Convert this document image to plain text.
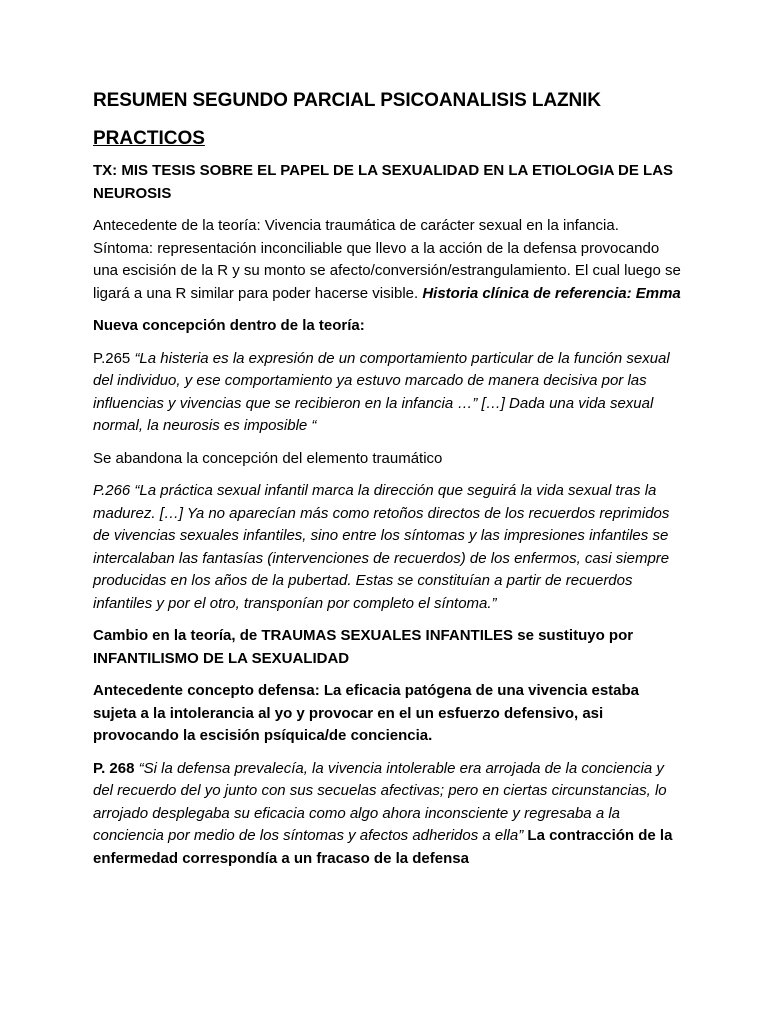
RESUMEN SEGUNDO PARCIAL PSICOANALISIS LAZNIK
PRACTICOS

TX: MIS TESIS SOBRE EL PAPEL DE LA SEXUALIDAD EN LA ETIOLOGIA DE LAS NEUROSIS

Antecedente de la teoría: Vivencia traumática de carácter sexual en la infancia. Síntoma: representación inconciliable que llevo a la acción de la defensa provocando una escisión de la R y su monto se afecto/conversión/estrangulamiento. El cual luego se ligará a una R similar para poder hacerse visible. Historia clínica de referencia: Emma

Nueva concepción dentro de la teoría:

P.265 “La histeria es la expresión de un comportamiento particular de la función sexual del individuo, y ese comportamiento ya estuvo marcado de manera decisiva por las influencias y vivencias que se recibieron en la infancia …” […] Dada una vida sexual normal, la neurosis es imposible “

Se abandona la concepción del elemento traumático

P.266 “La práctica sexual infantil marca la dirección que seguirá la vida sexual tras la madurez. […] Ya no aparecían más como retoños directos de los recuerdos reprimidos de vivencias sexuales infantiles, sino entre los síntomas y las impresiones infantiles se intercalaban las fantasías (intervenciones de recuerdos) de los enfermos, casi siempre producidas en los años de la pubertad. Estas se constituían a partir de recuerdos infantiles y por el otro, transponían por completo el síntoma.”

Cambio en la teoría, de TRAUMAS SEXUALES INFANTILES se sustituyo por INFANTILISMO DE LA SEXUALIDAD

Antecedente concepto defensa: La eficacia patógena de una vivencia estaba sujeta a la intolerancia al yo y provocar en el un esfuerzo defensivo, asi provocando la escisión psíquica/de conciencia.

P. 268 “Si la defensa prevalecía, la vivencia intolerable era arrojada de la conciencia y del recuerdo del yo junto con sus secuelas afectivas; pero en ciertas circunstancias, lo arrojado desplegaba su eficacia como algo ahora inconsciente y regresaba a la conciencia por medio de los síntomas y afectos adheridos a ella” La contracción de la enfermedad correspondía a un fracaso de la defensa
